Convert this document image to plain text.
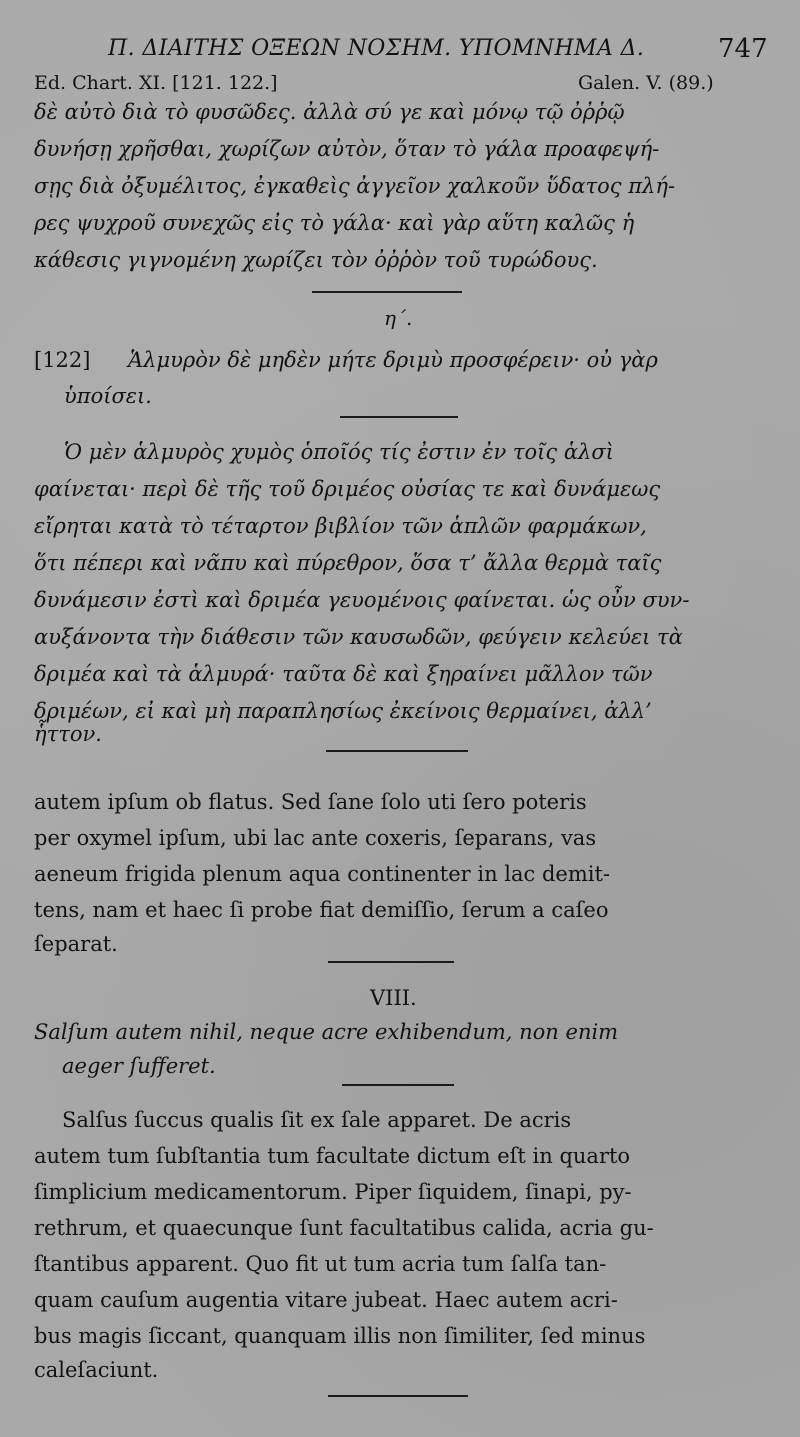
Π. ΔΙΑΙΤΗΣ ΟΞΕΩΝ ΝΟΣΗΜ. ΥΠΟΜΝΗΜΑ Δ.	747
Ed. Chart. XI. [121. 122.]	Galen. V. (89.)
δὲ αὐτὸ διὰ τὸ φυσῶδες. ἀλλὰ σύ γε καὶ μόνῳ τῷ ὀῤῥῷ
δυνήσῃ χρῆσθαι, χωρίζων αὐτὸν, ὅταν τὸ γάλα προαφεψή-
σῃς διὰ ὀξυμέλιτος, ἐγκαθεὶς ἀγγεῖον χαλκοῦν ὕδατος πλή-
ρες ψυχροῦ συνεχῶς εἰς τὸ γάλα· καὶ γὰρ αὕτη καλῶς ἡ
κάθεσις γιγνομένη χωρίζει τὸν ὀῤῥὸν τοῦ τυρώδους.
η΄.
[122] Ἁλμυρὸν δὲ μηδὲν μήτε δριμὺ προσφέρειν· οὐ γὰρ
ὑποίσει.
Ὁ μὲν ἁλμυρὸς χυμὸς ὁποῖός τίς ἐστιν ἐν τοῖς ἁλσὶ
φαίνεται· περὶ δὲ τῆς τοῦ δριμέος οὐσίας τε καὶ δυνάμεως
εἴρηται κατὰ τὸ τέταρτον βιβλίον τῶν ἁπλῶν φαρμάκων,
ὅτι πέπερι καὶ νᾶπυ καὶ πύρεθρον, ὅσα τ’ ἄλλα θερμὰ ταῖς
δυνάμεσιν ἐστὶ καὶ δριμέα γευομένοις φαίνεται. ὡς οὖν συν-
αυξάνοντα τὴν διάθεσιν τῶν καυσωδῶν, φεύγειν κελεύει τὰ
δριμέα καὶ τὰ ἁλμυρά· ταῦτα δὲ καὶ ξηραίνει μᾶλλον τῶν
δριμέων, εἰ καὶ μὴ παραπλησίως ἐκείνοις θερμαίνει, ἀλλ’
ἧττον.
autem ipſum ob flatus. Sed ſane ſolo uti ſero poteris
per oxymel ipſum, ubi lac ante coxeris, ſeparans, vas
aeneum frigida plenum aqua continenter in lac demit-
tens, nam et haec ſi probe fiat demiſſio, ſerum a caſeo
ſeparat.
VIII.
Salſum autem nihil, neque acre exhibendum, non enim
aeger ſufferet.
Salſus ſuccus qualis ſit ex ſale apparet. De acris
autem tum ſubſtantia tum facultate dictum eſt in quarto
ſimplicium medicamentorum. Piper ſiquidem, ſinapi, py-
rethrum, et quaecunque ſunt facultatibus calida, acria gu-
ſtantibus apparent. Quo fit ut tum acria tum ſalſa tan-
quam cauſum augentia vitare jubeat. Haec autem acri-
bus magis ſiccant, quanquam illis non ſimiliter, ſed minus
caleſaciunt.
